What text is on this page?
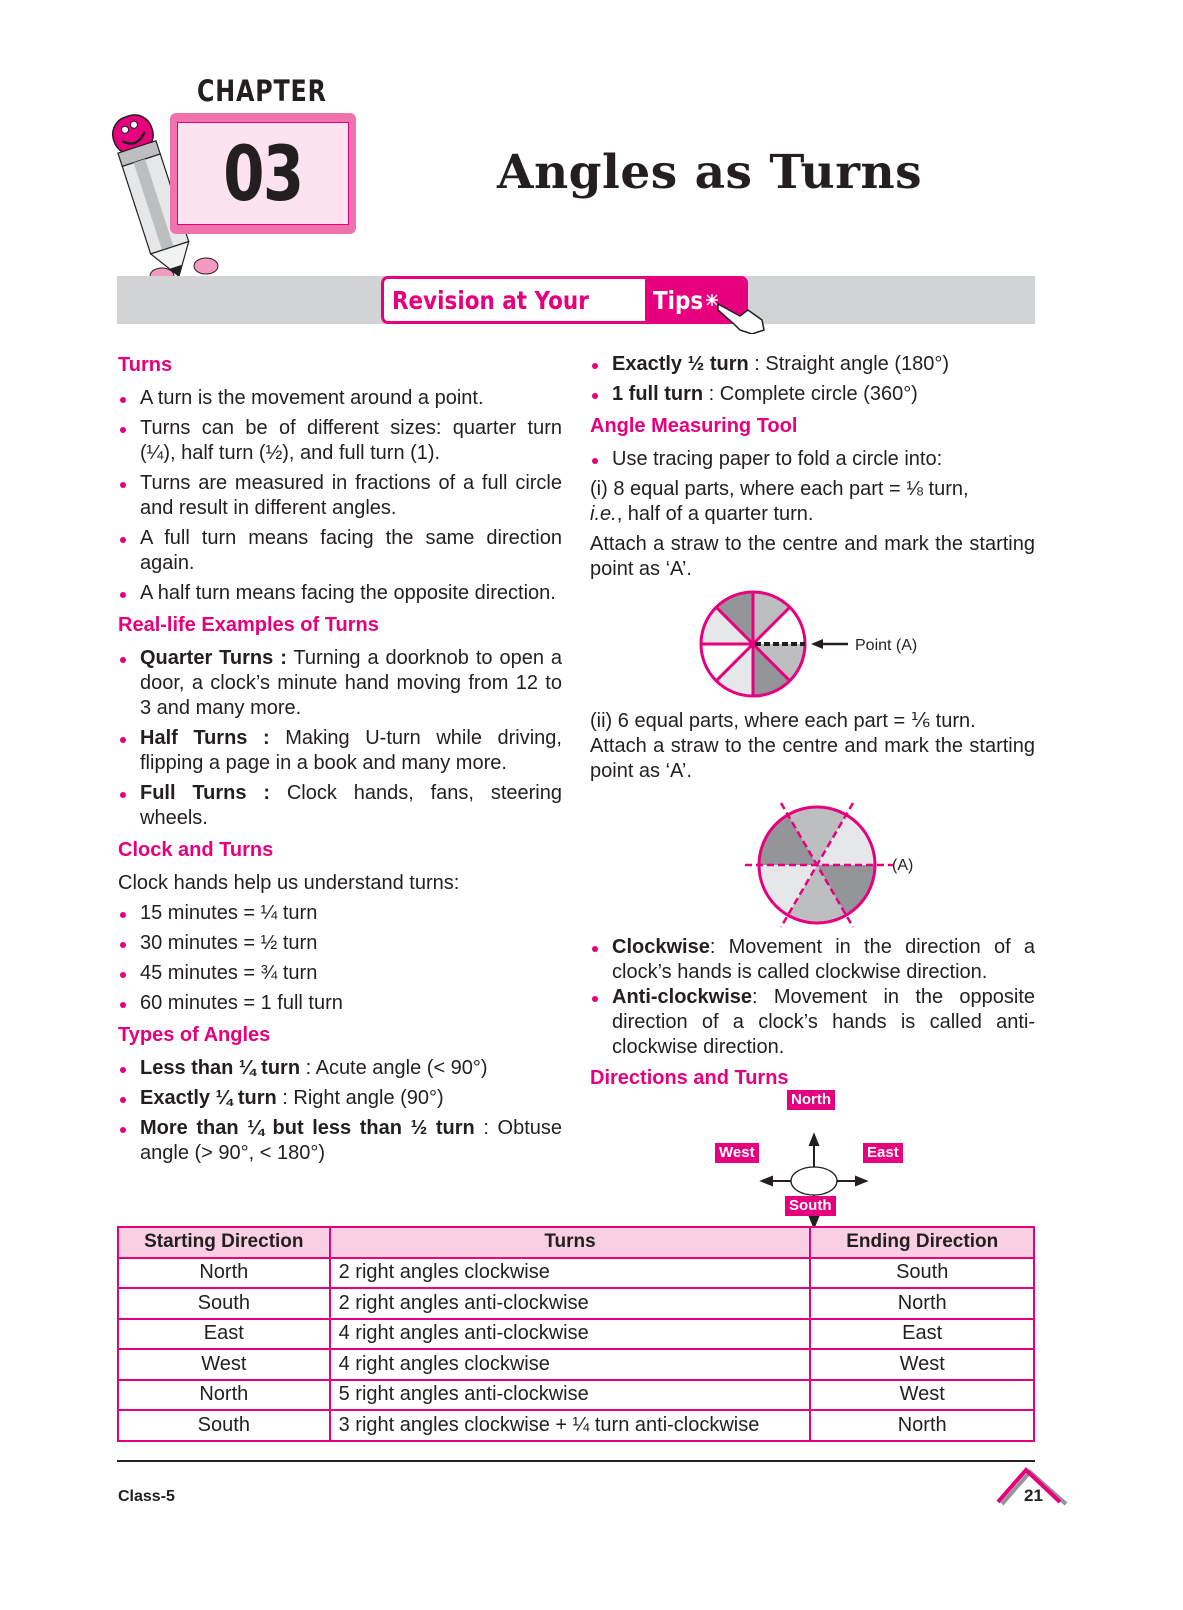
CHAPTER
03	Angles as Turns
Revision at Your	Tips
Turns
A turn is the movement around a point.
Turns can be of different sizes: quarter turn (¼), half turn (½), and full turn (1).
Turns are measured in fractions of a full circle and result in different angles.
A full turn means facing the same direction again.
A half turn means facing the opposite direction.
Real-life Examples of Turns
Quarter Turns : Turning a doorknob to open a door, a clock’s minute hand moving from 12 to 3 and many more.
Half Turns : Making U-turn while driving, flipping a page in a book and many more.
Full Turns : Clock hands, fans, steering wheels.
Clock and Turns

Clock hands help us understand turns:

15 minutes = ¼ turn
30 minutes = ½ turn
45 minutes = ¾ turn
60 minutes = 1 full turn
Types of Angles
Less than ¼ turn : Acute angle (< 90°)
Exactly ¼ turn : Right angle (90°)
More than ¼ but less than ½ turn : Obtuse angle (> 90°, < 180°)
Exactly ½ turn : Straight angle (180°)
1 full turn : Complete circle (360°)
Angle Measuring Tool
Use tracing paper to fold a circle into:

(i) 8 equal parts, where each part = ⅛ turn,
i.e., half of a quarter turn.

Attach a straw to the centre and mark the starting point as ‘A’.

Point (A)

(ii) 6 equal parts, where each part = ⅙ turn.

Attach a straw to the centre and mark the starting point as ‘A’.

(A)
Clockwise: Movement in the direction of a clock’s hands is called clockwise direction.
Anti-clockwise: Movement in the opposite direction of a clock’s hands is called anti-clockwise direction.
Directions and Turns
North
West	East
South
Starting Direction	Turns	Ending Direction
North	2 right angles clockwise	South
South	2 right angles anti-clockwise	North
East	4 right angles anti-clockwise	East
West	4 right angles clockwise	West
North	5 right angles anti-clockwise	West
South	3 right angles clockwise + ¼ turn anti-clockwise	North
Class-5	21
